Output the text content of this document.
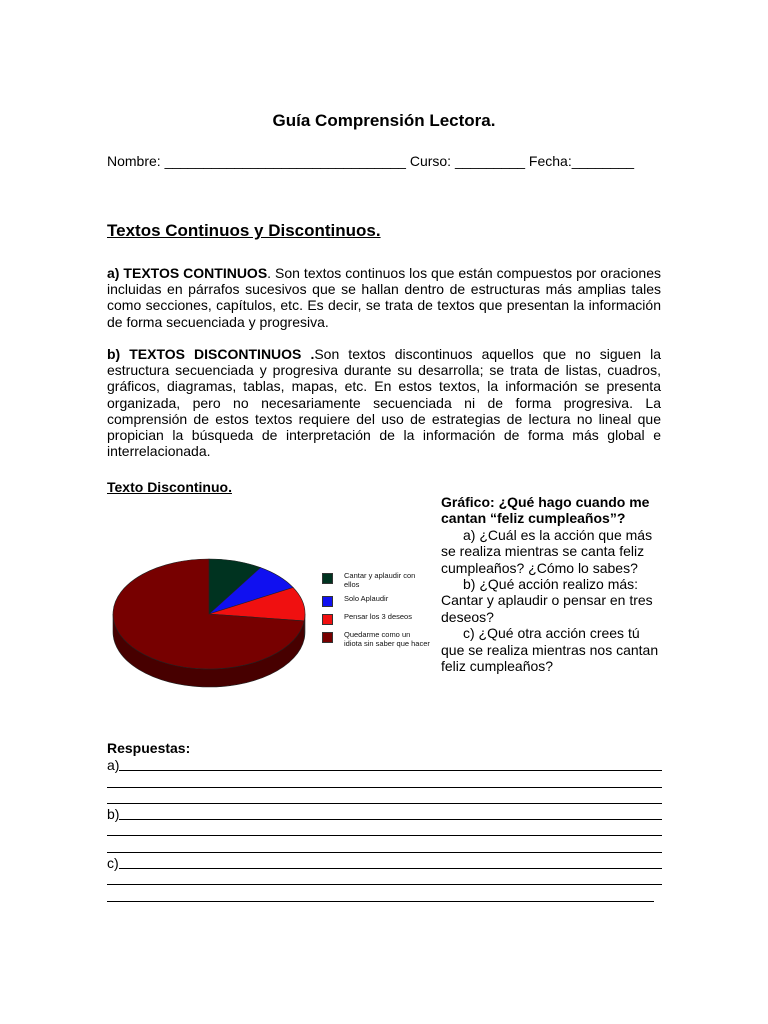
Guía Comprensión Lectora.
Nombre: _______________________________ Curso: _________ Fecha:________
Textos Continuos y Discontinuos.
a) TEXTOS CONTINUOS. Son textos continuos los que están compuestos por oraciones incluidas en párrafos sucesivos que se hallan dentro de estructuras más amplias tales como secciones, capítulos, etc. Es decir, se trata de textos que presentan la información de forma secuenciada y progresiva.
b) TEXTOS DISCONTINUOS .Son textos discontinuos aquellos que no siguen la estructura secuenciada y progresiva durante su desarrolla; se trata de listas, cuadros, gráficos, diagramas, tablas, mapas, etc. En estos textos, la información se presenta organizada, pero no necesariamente secuenciada ni de forma progresiva. La comprensión de estos textos requiere del uso de estrategias de lectura no lineal que propician la búsqueda de interpretación de la información de forma más global e interrelacionada.
Texto Discontinuo.
Cantar y aplaudir con ellos
Solo Aplaudir
Pensar los 3 deseos
Quedarme como un idiota sin saber que hacer
Gráfico: ¿Qué hago cuando me cantan “feliz cumpleaños”?
a) ¿Cuál es la acción que más se realiza mientras se canta feliz cumpleaños? ¿Cómo lo sabes?
b) ¿Qué acción realizo más: Cantar y aplaudir o pensar en tres deseos?
c) ¿Qué otra acción crees tú que se realiza mientras nos cantan feliz cumpleaños?
Respuestas:
a)
b)
c)
